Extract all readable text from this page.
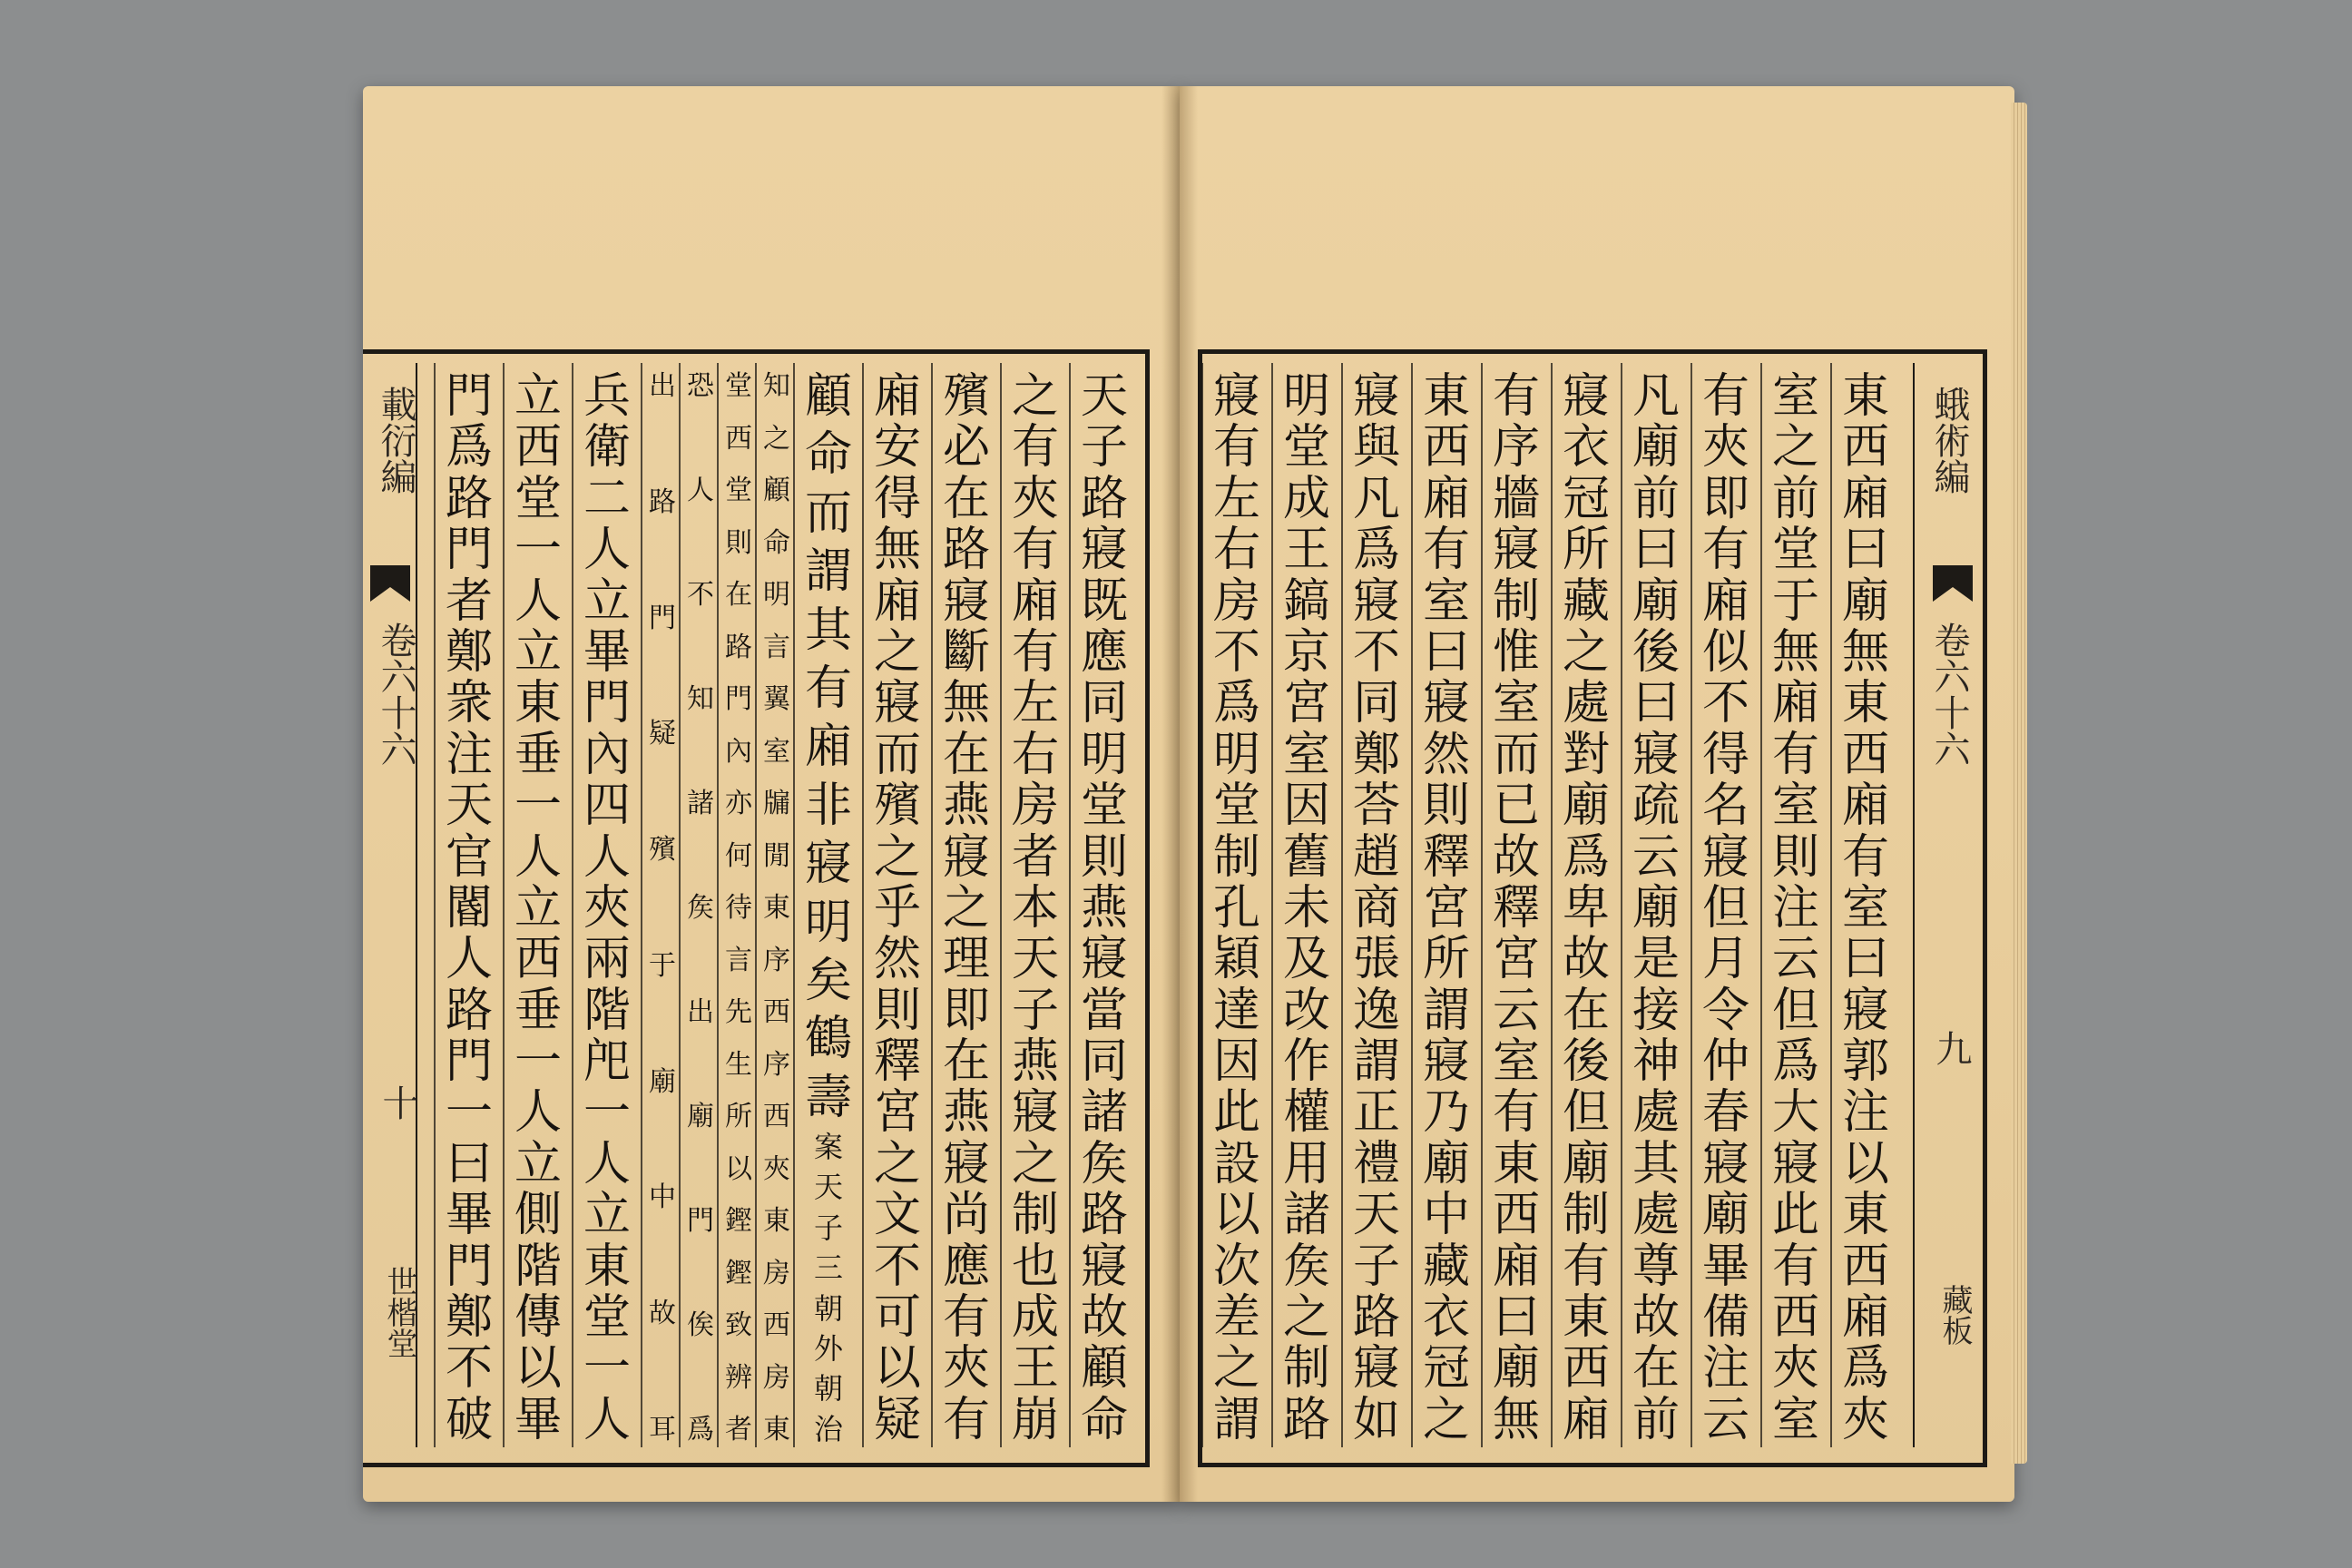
載衍編
卷六十六
十
世楷堂
天
子
路
寢
既
應
同
明
堂
則
燕
寢
當
同
諸
矦
路
寢
故
顧
命
之
有
夾
有
廂
有
左
右
房
者
本
天
子
燕
寢
之
制
也
成
王
崩
殯
必
在
路
寢
斷
無
在
燕
寢
之
理
即
在
燕
寢
尚
應
有
夾
有
廂
安
得
無
廂
之
寢
而
殯
之
乎
然
則
釋
宮
之
文
不
可
以
疑
顧
命
而
謂
其
有
廂
非
寢
明
矣
鶴
壽
案
天
子
三
朝
外
朝
治
知
之
顧
命
明
言
翼
室
牖
閒
東
序
西
序
西
夾
東
房
西
房
東
堂
西
堂
則
在
路
門
內
亦
何
待
言
先
生
所
以
鏗
鏗
致
辨
者
恐
人
不
知
諸
矦
出
廟
門
俟
爲
出
路
門
疑
殯
于
廟
中
故
耳
兵
衛
二
人
立
畢
門
內
四
人
夾
兩
階
戺
一
人
立
東
堂
一
人
立
西
堂
一
人
立
東
垂
一
人
立
西
垂
一
人
立
側
階
傳
以
畢
門
爲
路
門
者
鄭
衆
注
天
官
閽
人
路
門
一
曰
畢
門
鄭
不
破
蛾術編
卷六十六
九
藏板
東
西
廂
曰
廟
無
東
西
廂
有
室
曰
寢
郭
注
以
東
西
廂
爲
夾
室
之
前
堂
于
無
廂
有
室
則
注
云
但
爲
大
寢
此
有
西
夾
室
有
夾
即
有
廂
似
不
得
名
寢
但
月
令
仲
春
寢
廟
畢
備
注
云
凡
廟
前
曰
廟
後
曰
寢
疏
云
廟
是
接
神
處
其
處
尊
故
在
前
寢
衣
冠
所
藏
之
處
對
廟
爲
卑
故
在
後
但
廟
制
有
東
西
廂
有
序
牆
寢
制
惟
室
而
已
故
釋
宮
云
室
有
東
西
廂
曰
廟
無
東
西
廂
有
室
曰
寢
然
則
釋
宮
所
謂
寢
乃
廟
中
藏
衣
冠
之
寢
與
凡
爲
寢
不
同
鄭
荅
趙
商
張
逸
謂
正
禮
天
子
路
寢
如
明
堂
成
王
鎬
京
宮
室
因
舊
未
及
改
作
權
用
諸
矦
之
制
路
寢
有
左
右
房
不
爲
明
堂
制
孔
穎
達
因
此
設
以
次
差
之
謂
